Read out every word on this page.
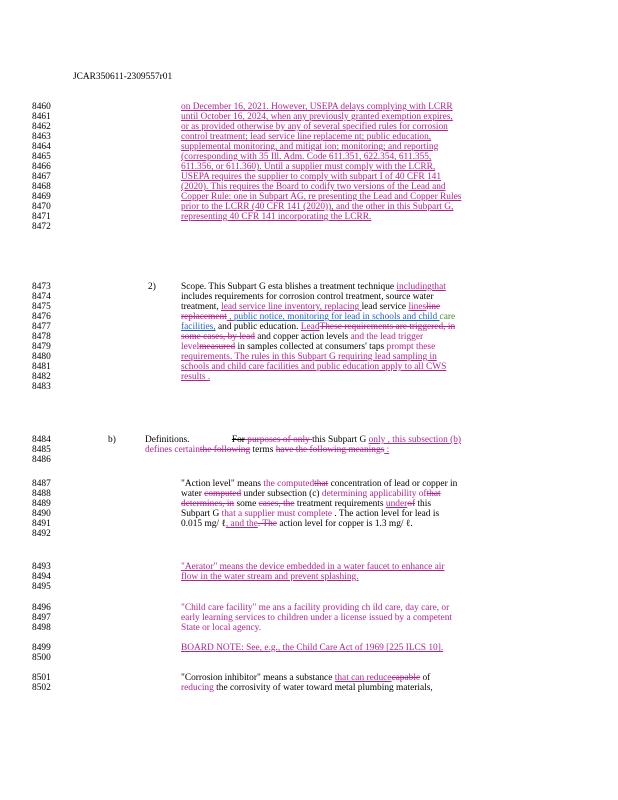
JCAR350611-2309557r01
8460
8461
8462
8463
8464
8465
8466
8467
8468
8469
8470
8471
8472
8473
8474
8475
8476
8477
8478
8479
8480
8481
8482
8483
8484
8485
8486
8487
8488
8489
8490
8491
8492
8493
8494
8495
8496
8497
8498
8499
8500
8501
8502
2)
b)
on December 16, 2021. However, USEPA delays complying with LCRR
until October 16, 2024, when any previously granted exemption expires,
or as provided otherwise by any of several specified rules for corrosion
control treatment; lead service line replaceme nt; public education,
supplemental monitoring, and mitigat ion; monitoring; and reporting
(corresponding with 35 Ill. Adm. Code 611.351, 622.354, 611.355,
611.356, or 611.360). Until a supplier must comply with the LCRR,
USEPA requires the supplier to comply with subpart I of 40 CFR 141
(2020). This requires the Board to codify two versions of the Lead and
Copper Rule: one in Subpart AG, re presenting the Lead and Copper Rules
prior to the LCRR (40 CFR 141 (2020)), and the other in this Subpart G,
representing 40 CFR 141 incorporating the LCRR.
Scope. This Subpart G esta blishes a treatment technique includingthat
includes requirements for corrosion control treatment, source water
treatment, lead service line inventory, replacing lead service linesline
replacement , public notice, monitoring for lead in schools and child care
facilities, and public education. LeadThese requirements are triggered, in
some cases, by lead and copper action levels and the lead trigger
levelmeasured in samples collected at consumers' taps prompt these
requirements. The rules in this Subpart G requiring lead sampling in
schools and child care facilities and public education apply to all CWS
results .
Definitions.	For purposes of only this Subpart G only , this subsection (b)
defines certainthe following terms have the following meanings :
"Action level" means the computedthat concentration of lead or copper in
water computed under subsection (c) determining applicability ofthat
determines, in some cases, the treatment requirements underof this
Subpart G that a supplier must complete . The action level for lead is
0.015 mg/ ℓ, and the. The action level for copper is 1.3 mg/ ℓ.
"Aerator" means the device embedded in a water faucet to enhance air
flow in the water stream and prevent splashing.
"Child care facility" me ans a facility providing ch ild care, day care, or
early learning services to children under a license issued by a competent
State or local agency.
BOARD NOTE: See, e.g., the Child Care Act of 1969 [225 ILCS 10].
"Corrosion inhibitor" means a substance that can reducecapable of
reducing the corrosivity of water toward metal plumbing materials,
